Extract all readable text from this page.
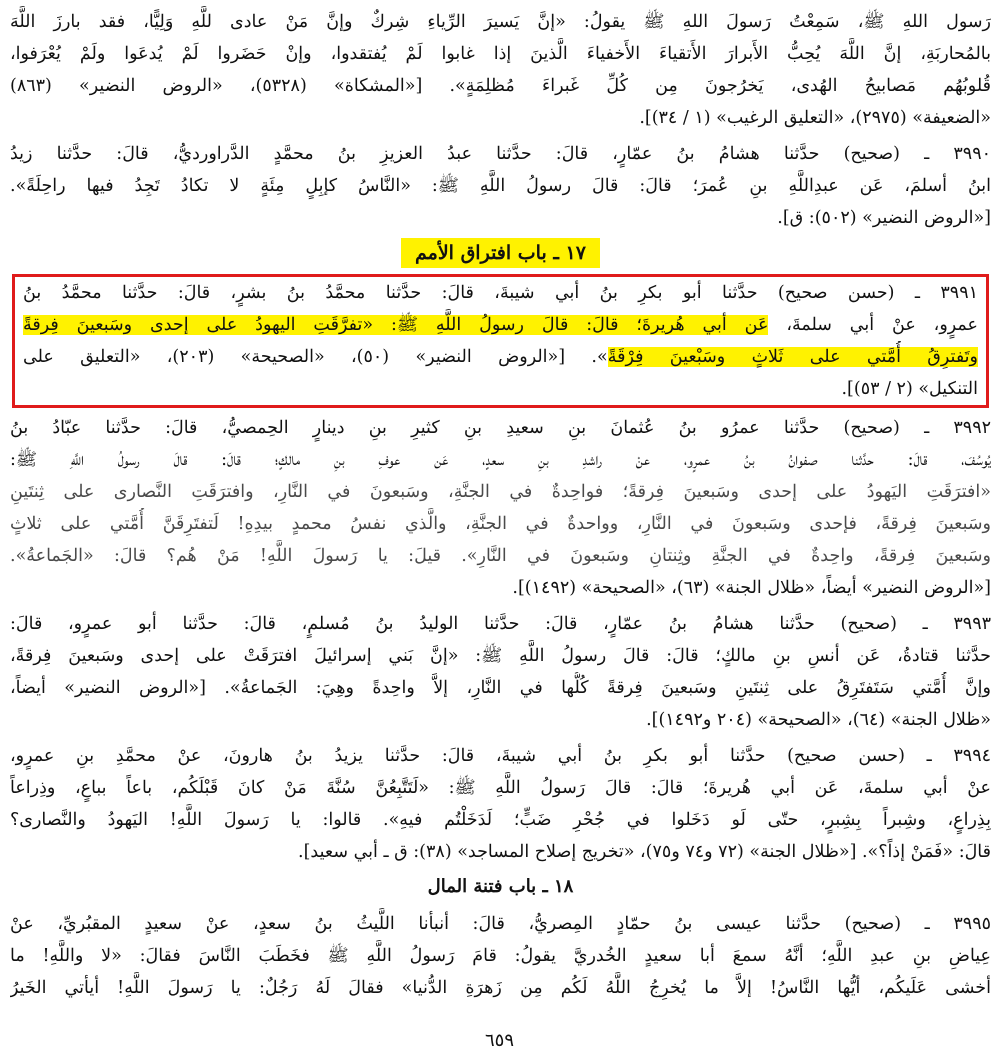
رَسول اللهِ ﷺ، سَمِعْتُ رَسولَ اللهِ ﷺ يقولُ: «إنَّ يَسيرَ الرِّياءِ شِركٌ وإنَّ مَنْ عادى للَّهِ وَلِيًّا، فقد بارزَ اللَّهَ
بالمُحاربَةِ، إنَّ اللَّهَ يُحِبُّ الأَبرارَ الأَتقياءَ الأَخفياءَ الَّذينَ إذا غابوا لَمْ يُفتقدوا، وإنْ حَضَروا لَمْ يُدعَوا ولَمْ يُعْرَفوا،
قُلوبُهُم مَصابيحُ الهُدى، يَخرُجونَ مِن كُلِّ غَبراءَ مُظلِمَةٍ». [«المشكاة» (٥٣٢٨)، «الروض النضير» (٨٦٣)
«الضعيفة» (٢٩٧٥)، «التعليق الرغيب» (١ / ٣٤)].
٣٩٩٠ ـ (صحيح) حدَّثنا هشامُ بنُ عمّارٍ، قالَ: حدَّثنا عبدُ العزيزِ بنُ محمَّدٍ الدَّراورديُّ، قالَ: حدَّثنا زيدُ
ابنُ أسلمَ، عَن عبدِاللَّهِ بنِ عُمرَ؛ قالَ: قالَ رسولُ اللَّهِ ﷺ: «النَّاسُ كإبِلٍ مِئَةٍ لا تكادُ تَجِدُ فيها راحِلَةً».
[«الروض النضير» (٥٠٢): ق].
١٧ ـ باب افتراق الأمم
٣٩٩١ ـ (حسن صحيح) حدَّثنا أبو بكرِ بنُ أبي شيبةَ، قالَ: حدَّثنا محمَّدُ بنُ بشرٍ، قالَ: حدَّثنا محمَّدُ بنُ
عمرٍو، عنْ أبي سلمةَ، عَن أبي هُريرةَ؛ قالَ: قالَ رسولُ اللَّهِ ﷺ: «تفرَّقَتِ اليهودُ على إحدى وسَبعينَ فِرقةً
وتَفترِقُ أُمَّتي على ثَلاثٍ وسَبْعينَ فِرْقَةً». [«الروض النضير» (٥٠)، «الصحيحة» (٢٠٣)، «التعليق على
التنكيل» (٢ / ٥٣)].
٣٩٩٢ ـ (صحيح) حدَّثنا عمرُو بنُ عُثمانَ بنِ سعيدِ بنِ كثيرِ بنِ دينارٍ الحِمصيُّ، قالَ: حدَّثنا عبّادُ بنُ
يُوسُفَ، قالَ: حدَّثنا صفوانُ بنُ عمرٍو، عنْ راشدِ بنِ سعدٍ، عَن عوفِ بنِ مالكٍ؛ قالَ: قالَ رسولُ اللَّهِ ﷺ:
«افترَقَتِ اليَهودُ على إحدى وسَبعينَ فِرقةً؛ فواحِدةٌ في الجنَّةِ، وسَبعونَ في النَّارِ، وافترَقَتِ النَّصارى على ثِنتَينِ
وسَبعينَ فِرقةً، فإحدى وسَبعونَ في النَّارِ، وواحدةٌ في الجنَّةِ، والَّذي نفسُ محمدٍ بيدِهِ! لَتفتَرِقَنَّ أُمَّتي على ثلاثٍ
وسَبعينَ فِرقةً، واحِدةٌ في الجنَّةِ وثِنتانِ وسَبعونَ في النَّارِ». قيلَ: يا رَسولَ اللَّهِ! مَنْ هُم؟ قالَ: «الجَماعةُ».
[«الروض النضير» أيضاً، «ظلال الجنة» (٦٣)، «الصحيحة» (١٤٩٢)].
٣٩٩٣ ـ (صحيح) حدَّثنا هشامُ بنُ عمّارٍ، قالَ: حدَّثنا الوليدُ بنُ مُسلمٍ، قالَ: حدَّثنا أبو عمرٍو، قالَ:
حدَّثنا قتادةُ، عَن أنسِ بنِ مالكٍ؛ قالَ: قالَ رسولُ اللَّهِ ﷺ: «إنَّ بَني إسرائيلَ افترَقَتْ على إحدى وسَبعينَ فِرقةً،
وإنَّ أُمَّتي سَتَفتَرِقُ على ثِنتَينِ وسَبعينَ فِرقةً كُلُّها في النَّارِ، إلاَّ واحِدةً وهِيَ: الجَماعةُ». [«الروض النضير» أيضاً،
«ظلال الجنة» (٦٤)، «الصحيحة» (٢٠٤ و١٤٩٢)].
٣٩٩٤ ـ (حسن صحيح) حدَّثنا أبو بكرِ بنُ أبي شيبةَ، قالَ: حدَّثنا يزيدُ بنُ هارونَ، عنْ محمَّدِ بنِ عمرٍو،
عنْ أبي سلمةَ، عَن أبي هُريرةَ؛ قالَ: قالَ رَسولُ اللَّهِ ﷺ: «لَتَتَّبِعُنَّ سُنَّةَ مَنْ كانَ قَبْلَكُم، باعاً بباعٍ، وذِراعاً
بِذِراعٍ، وشِبراً بِشِبرٍ، حتّى لَو دَخَلوا في جُحْرِ ضَبٍّ؛ لَدَخَلْتُم فيهِ». قالوا: يا رَسولَ اللَّهِ! اليَهودُ والنَّصارى؟
قالَ: «فَمَنْ إذاً؟». [«ظلال الجنة» (٧٢ و٧٤ و٧٥)، «تخريج إصلاح المساجد» (٣٨): ق ـ أبي سعيد].
١٨ ـ باب فتنة المال
٣٩٩٥ ـ (صحيح) حدَّثنا عيسى بنُ حمّادٍ المِصريُّ، قالَ: أنبأنا اللَّيثُ بنُ سعدٍ، عنْ سعيدٍ المقبُريِّ، عنْ
عِياضِ بنِ عبدِ اللَّهِ؛ أنَّهُ سمعَ أبا سعيدٍ الخُدريَّ يقولُ: قامَ رَسولُ اللَّهِ ﷺ فخَطَبَ النَّاسَ فقالَ: «لا واللَّهِ! ما
أخشى عَلَيكُم، أيُّها النَّاسُ! إلاَّ ما يُخرِجُ اللَّهُ لَكُم مِن زَهرَةِ الدُّنيا» فقالَ لَهُ رَجُلٌ: يا رَسولَ اللَّهِ! أيأتي الخَيرُ
٦٥٩
